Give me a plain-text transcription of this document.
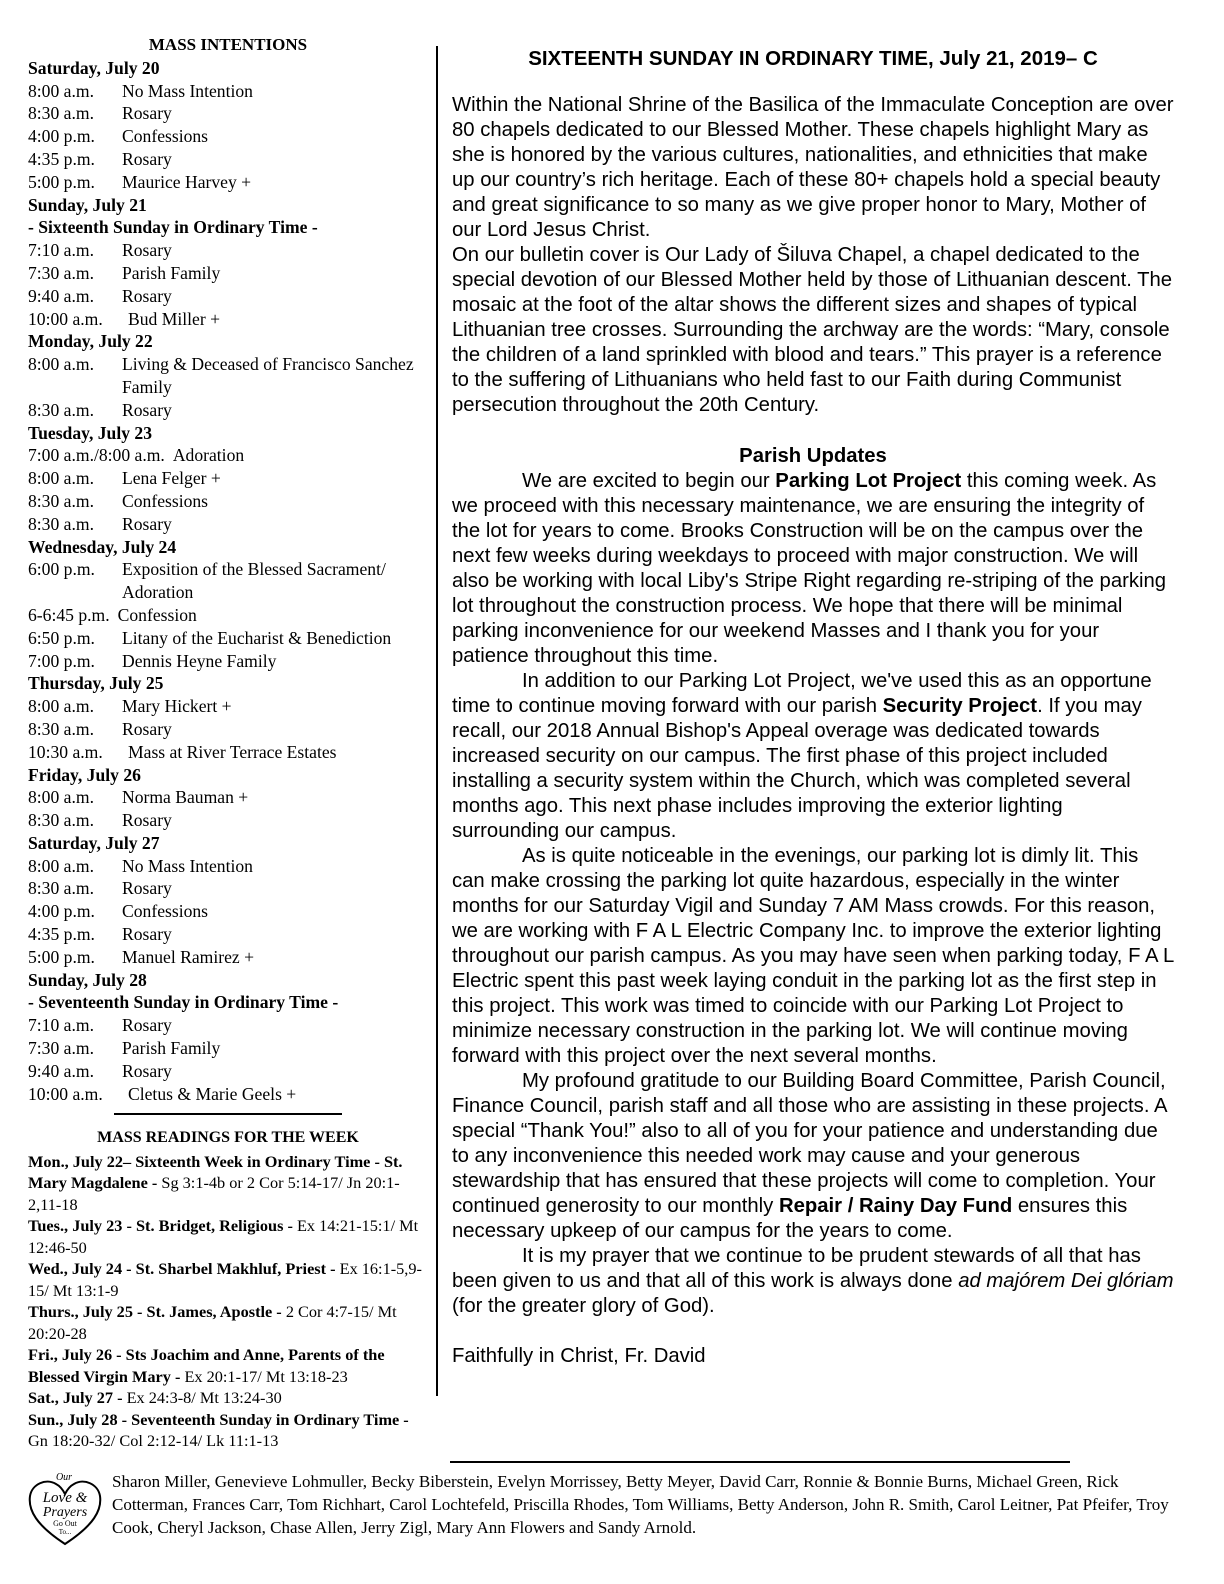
MASS INTENTIONS
Saturday, July 20
8:00 a.m.	No Mass Intention
8:30 a.m.	Rosary
4:00 p.m.	Confessions
4:35 p.m.	Rosary
5:00 p.m.	Maurice Harvey +
Sunday, July 21
- Sixteenth Sunday in Ordinary Time -
7:10 a.m.	Rosary
7:30 a.m.	Parish Family
9:40 a.m.	Rosary
10:00 a.m.	Bud Miller +
Monday, July 22
8:00 a.m.	Living & Deceased of Francisco Sanchez Family
8:30 a.m.	Rosary
Tuesday, July 23
7:00 a.m./8:00 a.m. Adoration
8:00 a.m.	Lena Felger +
8:30 a.m.	Confessions
8:30 a.m.	Rosary
Wednesday, July 24
6:00 p.m.	Exposition of the Blessed Sacrament/ Adoration
6-6:45 p.m. Confession
6:50 p.m.	Litany of the Eucharist & Benediction
7:00 p.m.	Dennis Heyne Family
Thursday, July 25
8:00 a.m.	Mary Hickert +
8:30 a.m.	Rosary
10:30 a.m.	Mass at River Terrace Estates
Friday, July 26
8:00 a.m.	Norma Bauman +
8:30 a.m.	Rosary
Saturday, July 27
8:00 a.m.	No Mass Intention
8:30 a.m.	Rosary
4:00 p.m.	Confessions
4:35 p.m.	Rosary
5:00 p.m.	Manuel Ramirez +
Sunday, July 28
- Seventeenth Sunday in Ordinary Time -
7:10 a.m.	Rosary
7:30 a.m.	Parish Family
9:40 a.m.	Rosary
10:00 a.m.	Cletus & Marie Geels +
MASS READINGS FOR THE WEEK
Mon., July 22– Sixteenth Week in Ordinary Time - St. Mary Magdalene - Sg 3:1-4b or 2 Cor 5:14-17/ Jn 20:1-2,11-18
Tues., July 23 - St. Bridget, Religious - Ex 14:21-15:1/ Mt 12:46-50
Wed., July 24 - St. Sharbel Makhluf, Priest - Ex 16:1-5,9-15/ Mt 13:1-9
Thurs., July 25 - St. James, Apostle - 2 Cor 4:7-15/ Mt 20:20-28
Fri., July 26 - Sts Joachim and Anne, Parents of the Blessed Virgin Mary - Ex 20:1-17/ Mt 13:18-23
Sat., July 27 - Ex 24:3-8/ Mt 13:24-30
Sun., July 28 - Seventeenth Sunday in Ordinary Time - Gn 18:20-32/ Col 2:12-14/ Lk 11:1-13
SIXTEENTH SUNDAY IN ORDINARY TIME, July 21, 2019– C

Within the National Shrine of the Basilica of the Immaculate Conception are over 80 chapels dedicated to our Blessed Mother. These chapels highlight Mary as she is honored by the various cultures, nationalities, and ethnicities that make up our country’s rich heritage. Each of these 80+ chapels hold a special beauty and great significance to so many as we give proper honor to Mary, Mother of our Lord Jesus Christ.

On our bulletin cover is Our Lady of Šiluva Chapel, a chapel dedicated to the special devotion of our Blessed Mother held by those of Lithuanian descent. The mosaic at the foot of the altar shows the different sizes and shapes of typical Lithuanian tree crosses. Surrounding the archway are the words: “Mary, console the children of a land sprinkled with blood and tears.” This prayer is a reference to the suffering of Lithuanians who held fast to our Faith during Communist persecution throughout the 20th Century.

Parish Updates

We are excited to begin our Parking Lot Project this coming week. As we proceed with this necessary maintenance, we are ensuring the integrity of the lot for years to come. Brooks Construction will be on the campus over the next few weeks during weekdays to proceed with major construction. We will also be working with local Liby's Stripe Right regarding re-striping of the parking lot throughout the construction process. We hope that there will be minimal parking inconvenience for our weekend Masses and I thank you for your patience throughout this time.

In addition to our Parking Lot Project, we've used this as an opportune time to continue moving forward with our parish Security Project. If you may recall, our 2018 Annual Bishop's Appeal overage was dedicated towards increased security on our campus. The first phase of this project included installing a security system within the Church, which was completed several months ago. This next phase includes improving the exterior lighting surrounding our campus.

As is quite noticeable in the evenings, our parking lot is dimly lit. This can make crossing the parking lot quite hazardous, especially in the winter months for our Saturday Vigil and Sunday 7 AM Mass crowds. For this reason, we are working with F A L Electric Company Inc. to improve the exterior lighting throughout our parish campus. As you may have seen when parking today, F A L Electric spent this past week laying conduit in the parking lot as the first step in this project. This work was timed to coincide with our Parking Lot Project to minimize necessary construction in the parking lot. We will continue moving forward with this project over the next several months.

My profound gratitude to our Building Board Committee, Parish Council, Finance Council, parish staff and all those who are assisting in these projects. A special “Thank You!” also to all of you for your patience and understanding due to any inconvenience this needed work may cause and your generous stewardship that has ensured that these projects will come to completion. Your continued generosity to our monthly Repair / Rainy Day Fund ensures this necessary upkeep of our campus for the years to come.

It is my prayer that we continue to be prudent stewards of all that has been given to us and that all of this work is always done ad majórem Dei glóriam (for the greater glory of God).

Faithfully in Christ, Fr. David

Our
Love &
Prayers
Go Out
To...
Sharon Miller, Genevieve Lohmuller, Becky Biberstein, Evelyn Morrissey, Betty Meyer, David Carr, Ronnie & Bonnie Burns, Michael Green, Rick Cotterman, Frances Carr, Tom Richhart, Carol Lochtefeld, Priscilla Rhodes, Tom Williams, Betty Anderson, John R. Smith, Carol Leitner, Pat Pfeifer, Troy Cook, Cheryl Jackson, Chase Allen, Jerry Zigl, Mary Ann Flowers and Sandy Arnold.
